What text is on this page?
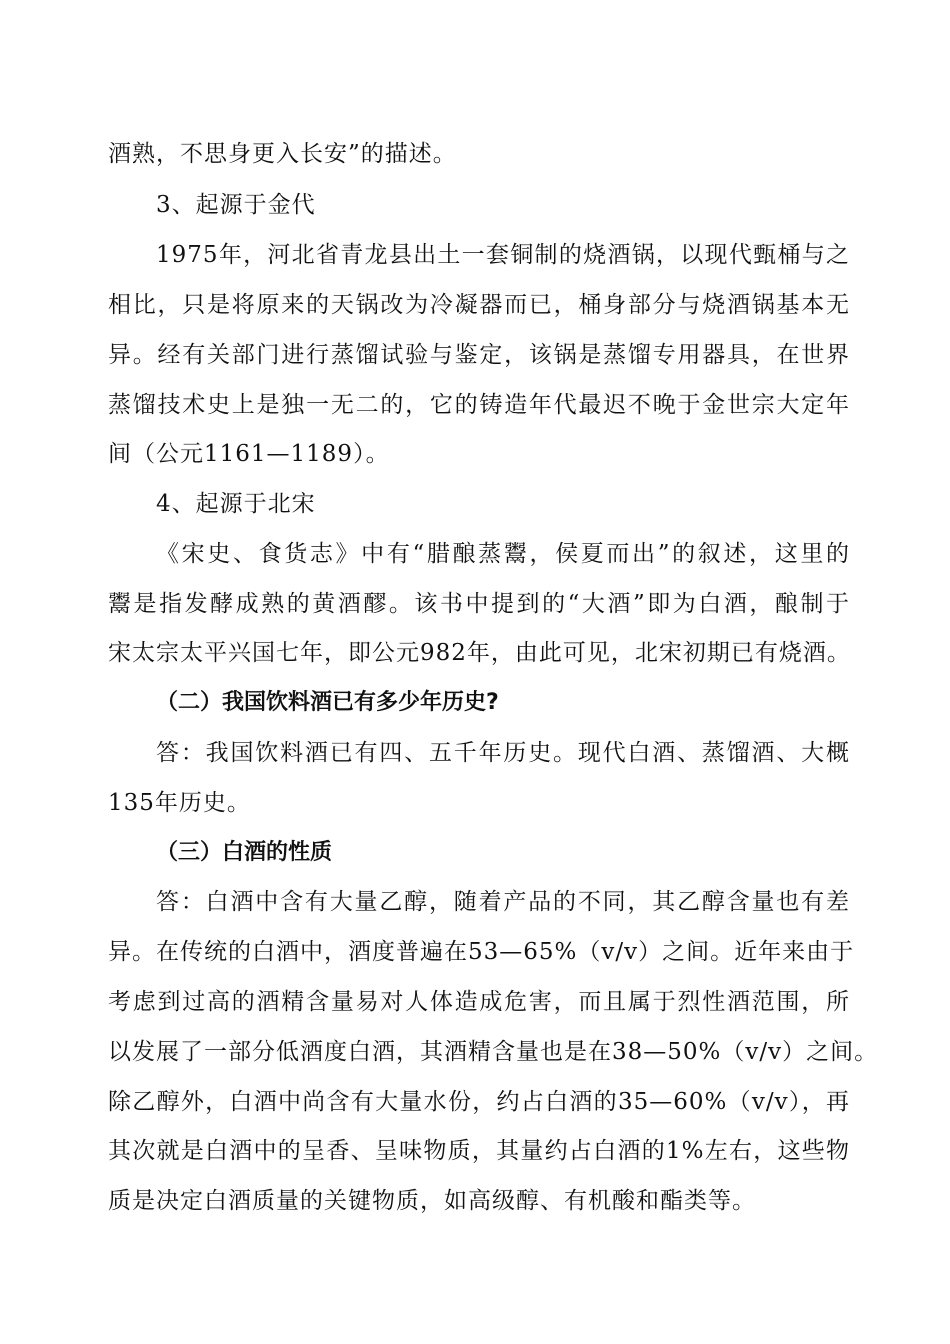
酒熟，不思身更入长安”的描述。
3、起源于金代
1975年，河北省青龙县出土一套铜制的烧酒锅，以现代甄桶与之
相比，只是将原来的天锅改为冷凝器而已，桶身部分与烧酒锅基本无
异。经有关部门进行蒸馏试验与鉴定，该锅是蒸馏专用器具，在世界
蒸馏技术史上是独一无二的，它的铸造年代最迟不晚于金世宗大定年
间（公元1161—1189）。
4、起源于北宋
《宋史、食货志》中有“腊酿蒸鬻，侯夏而出”的叙述，这里的
鬻是指发酵成熟的黄酒醪。该书中提到的“大酒”即为白酒，酿制于
宋太宗太平兴国七年，即公元982年，由此可见，北宋初期已有烧酒。
（二）我国饮料酒已有多少年历史?
答：我国饮料酒已有四、五千年历史。现代白酒、蒸馏酒、大概
135年历史。
（三）白酒的性质
答：白酒中含有大量乙醇，随着产品的不同，其乙醇含量也有差
异。在传统的白酒中，酒度普遍在53—65%（v/v）之间。近年来由于
考虑到过高的酒精含量易对人体造成危害，而且属于烈性酒范围，所
以发展了一部分低酒度白酒，其酒精含量也是在38—50%（v/v）之间。
除乙醇外，白酒中尚含有大量水份，约占白酒的35—60%（v/v），再
其次就是白酒中的呈香、呈味物质，其量约占白酒的1%左右，这些物
质是决定白酒质量的关键物质，如高级醇、有机酸和酯类等。
